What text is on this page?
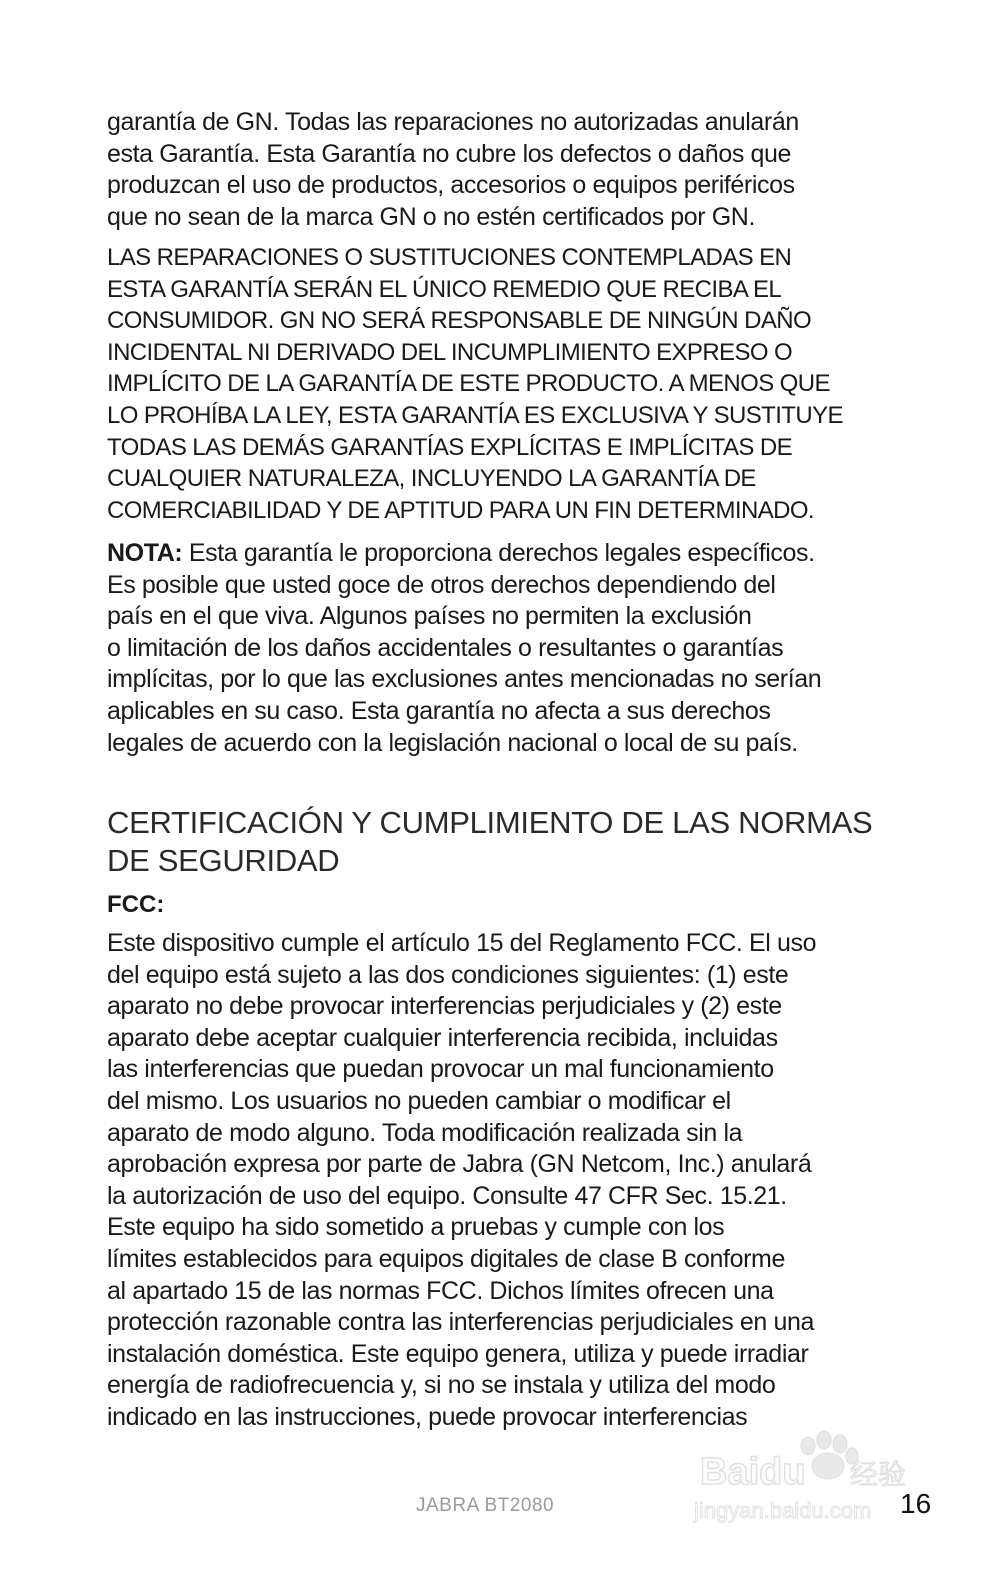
garantía de GN. Todas las reparaciones no autorizadas anularán
esta Garantía. Esta Garantía no cubre los defectos o daños que
produzcan el uso de productos, accesorios o equipos periféricos
que no sean de la marca GN o no estén certificados por GN.
LAS REPARACIONES O SUSTITUCIONES CONTEMPLADAS EN
ESTA GARANTÍA SERÁN EL ÚNICO REMEDIO QUE RECIBA EL
CONSUMIDOR. GN NO SERÁ RESPONSABLE DE NINGÚN DAÑO
INCIDENTAL NI DERIVADO DEL INCUMPLIMIENTO EXPRESO O
IMPLÍCITO DE LA GARANTÍA DE ESTE PRODUCTO. A MENOS QUE
LO PROHÍBA LA LEY, ESTA GARANTÍA ES EXCLUSIVA Y SUSTITUYE
TODAS LAS DEMÁS GARANTÍAS EXPLÍCITAS E IMPLÍCITAS DE
CUALQUIER NATURALEZA, INCLUYENDO LA GARANTÍA DE
COMERCIABILIDAD Y DE APTITUD PARA UN FIN DETERMINADO.
NOTA: Esta garantía le proporciona derechos legales específicos.
Es posible que usted goce de otros derechos dependiendo del
país en el que viva. Algunos países no permiten la exclusión
o limitación de los daños accidentales o resultantes o garantías
implícitas, por lo que las exclusiones antes mencionadas no serían
aplicables en su caso. Esta garantía no afecta a sus derechos
legales de acuerdo con la legislación nacional o local de su país.
CERTIFICACIÓN Y CUMPLIMIENTO DE LAS NORMAS
DE SEGURIDAD
FCC:
Este dispositivo cumple el artículo 15 del Reglamento FCC. El uso
del equipo está sujeto a las dos condiciones siguientes: (1) este
aparato no debe provocar interferencias perjudiciales y (2) este
aparato debe aceptar cualquier interferencia recibida, incluidas
las interferencias que puedan provocar un mal funcionamiento
del mismo. Los usuarios no pueden cambiar o modificar el
aparato de modo alguno. Toda modificación realizada sin la
aprobación expresa por parte de Jabra (GN Netcom, Inc.) anulará
la autorización de uso del equipo. Consulte 47 CFR Sec. 15.21.
Este equipo ha sido sometido a pruebas y cumple con los
límites establecidos para equipos digitales de clase B conforme
al apartado 15 de las normas FCC. Dichos límites ofrecen una
protección razonable contra las interferencias perjudiciales en una
instalación doméstica. Este equipo genera, utiliza y puede irradiar
energía de radiofrecuencia y, si no se instala y utiliza del modo
indicado en las instrucciones, puede provocar interferencias
Baidu 经验
jingyan.baidu.com
JABRA BT2080	16
